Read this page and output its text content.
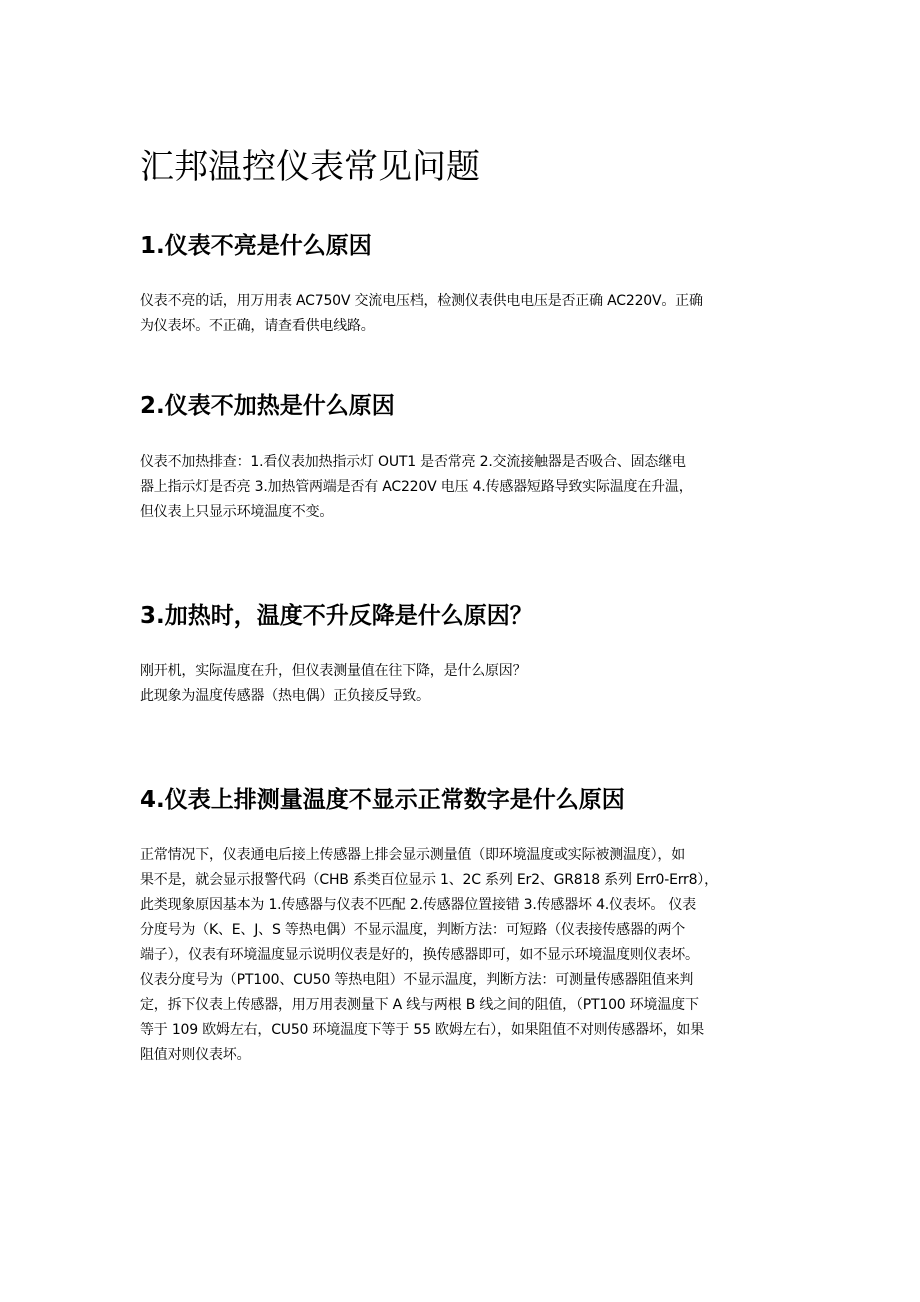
汇邦温控仪表常见问题
1.仪表不亮是什么原因
仪表不亮的话，用万用表 AC750V 交流电压档，检测仪表供电电压是否正确 AC220V。正确
为仪表坏。不正确，请查看供电线路。
2.仪表不加热是什么原因
仪表不加热排查：1.看仪表加热指示灯 OUT1 是否常亮 2.交流接触器是否吸合、固态继电
器上指示灯是否亮 3.加热管两端是否有 AC220V 电压 4.传感器短路导致实际温度在升温，
但仪表上只显示环境温度不变。
3.加热时，温度不升反降是什么原因？
刚开机，实际温度在升，但仪表测量值在往下降，是什么原因？
此现象为温度传感器（热电偶）正负接反导致。
4.仪表上排测量温度不显示正常数字是什么原因
正常情况下，仪表通电后接上传感器上排会显示测量值（即环境温度或实际被测温度），如
果不是，就会显示报警代码（CHB 系类百位显示 1、2C 系列 Er2、GR818 系列 Err0-Err8），
此类现象原因基本为 1.传感器与仪表不匹配 2.传感器位置接错 3.传感器坏 4.仪表坏。 仪表
分度号为（K、E、J、S 等热电偶）不显示温度，判断方法：可短路（仪表接传感器的两个
端子），仪表有环境温度显示说明仪表是好的，换传感器即可，如不显示环境温度则仪表坏。
仪表分度号为（PT100、CU50 等热电阻）不显示温度，判断方法：可测量传感器阻值来判
定，拆下仪表上传感器，用万用表测量下 A 线与两根 B 线之间的阻值，（PT100 环境温度下
等于 109 欧姆左右，CU50 环境温度下等于 55 欧姆左右），如果阻值不对则传感器坏，如果
阻值对则仪表坏。
